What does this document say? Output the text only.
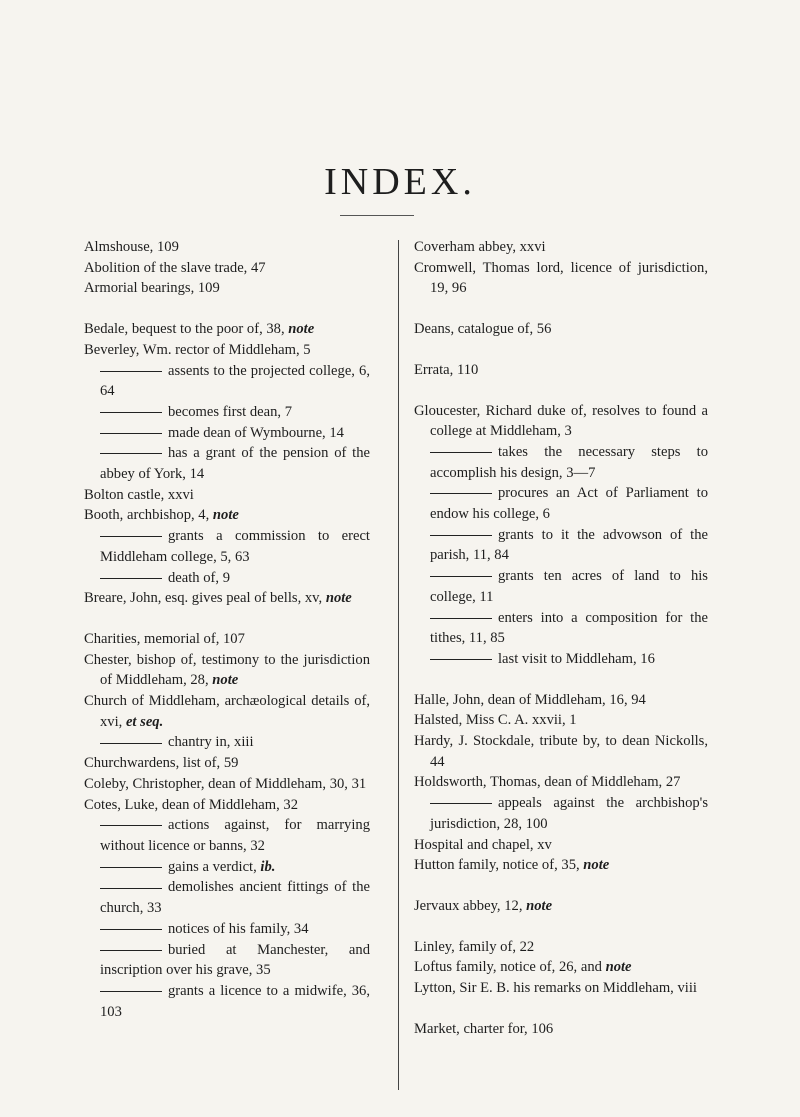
INDEX.
Almshouse, 109
Abolition of the slave trade, 47
Armorial bearings, 109
Bedale, bequest to the poor of, 38, note
Beverley, Wm. rector of Middleham, 5
assents to the projected college, 6, 64
becomes first dean, 7
made dean of Wymbourne, 14
has a grant of the pension of the abbey of York, 14
Bolton castle, xxvi
Booth, archbishop, 4, note
grants a commission to erect Middleham college, 5, 63
death of, 9
Breare, John, esq. gives peal of bells, xv, note
Charities, memorial of, 107
Chester, bishop of, testimony to the jurisdiction of Middleham, 28, note
Church of Middleham, archæological details of, xvi, et seq.
chantry in, xiii
Churchwardens, list of, 59
Coleby, Christopher, dean of Middleham, 30, 31
Cotes, Luke, dean of Middleham, 32
actions against, for marrying without licence or banns, 32
gains a verdict, ib.
demolishes ancient fittings of the church, 33
notices of his family, 34
buried at Manchester, and inscription over his grave, 35
grants a licence to a midwife, 36, 103
Coverham abbey, xxvi
Cromwell, Thomas lord, licence of jurisdiction, 19, 96
Deans, catalogue of, 56
Errata, 110
Gloucester, Richard duke of, resolves to found a college at Middleham, 3
takes the necessary steps to accomplish his design, 3—7
procures an Act of Parliament to endow his college, 6
grants to it the advowson of the parish, 11, 84
grants ten acres of land to his college, 11
enters into a composition for the tithes, 11, 85
last visit to Middleham, 16
Halle, John, dean of Middleham, 16, 94
Halsted, Miss C. A. xxvii, 1
Hardy, J. Stockdale, tribute by, to dean Nickolls, 44
Holdsworth, Thomas, dean of Middleham, 27
appeals against the archbishop's jurisdiction, 28, 100
Hospital and chapel, xv
Hutton family, notice of, 35, note
Jervaux abbey, 12, note
Linley, family of, 22
Loftus family, notice of, 26, and note
Lytton, Sir E. B. his remarks on Middleham, viii
Market, charter for, 106
